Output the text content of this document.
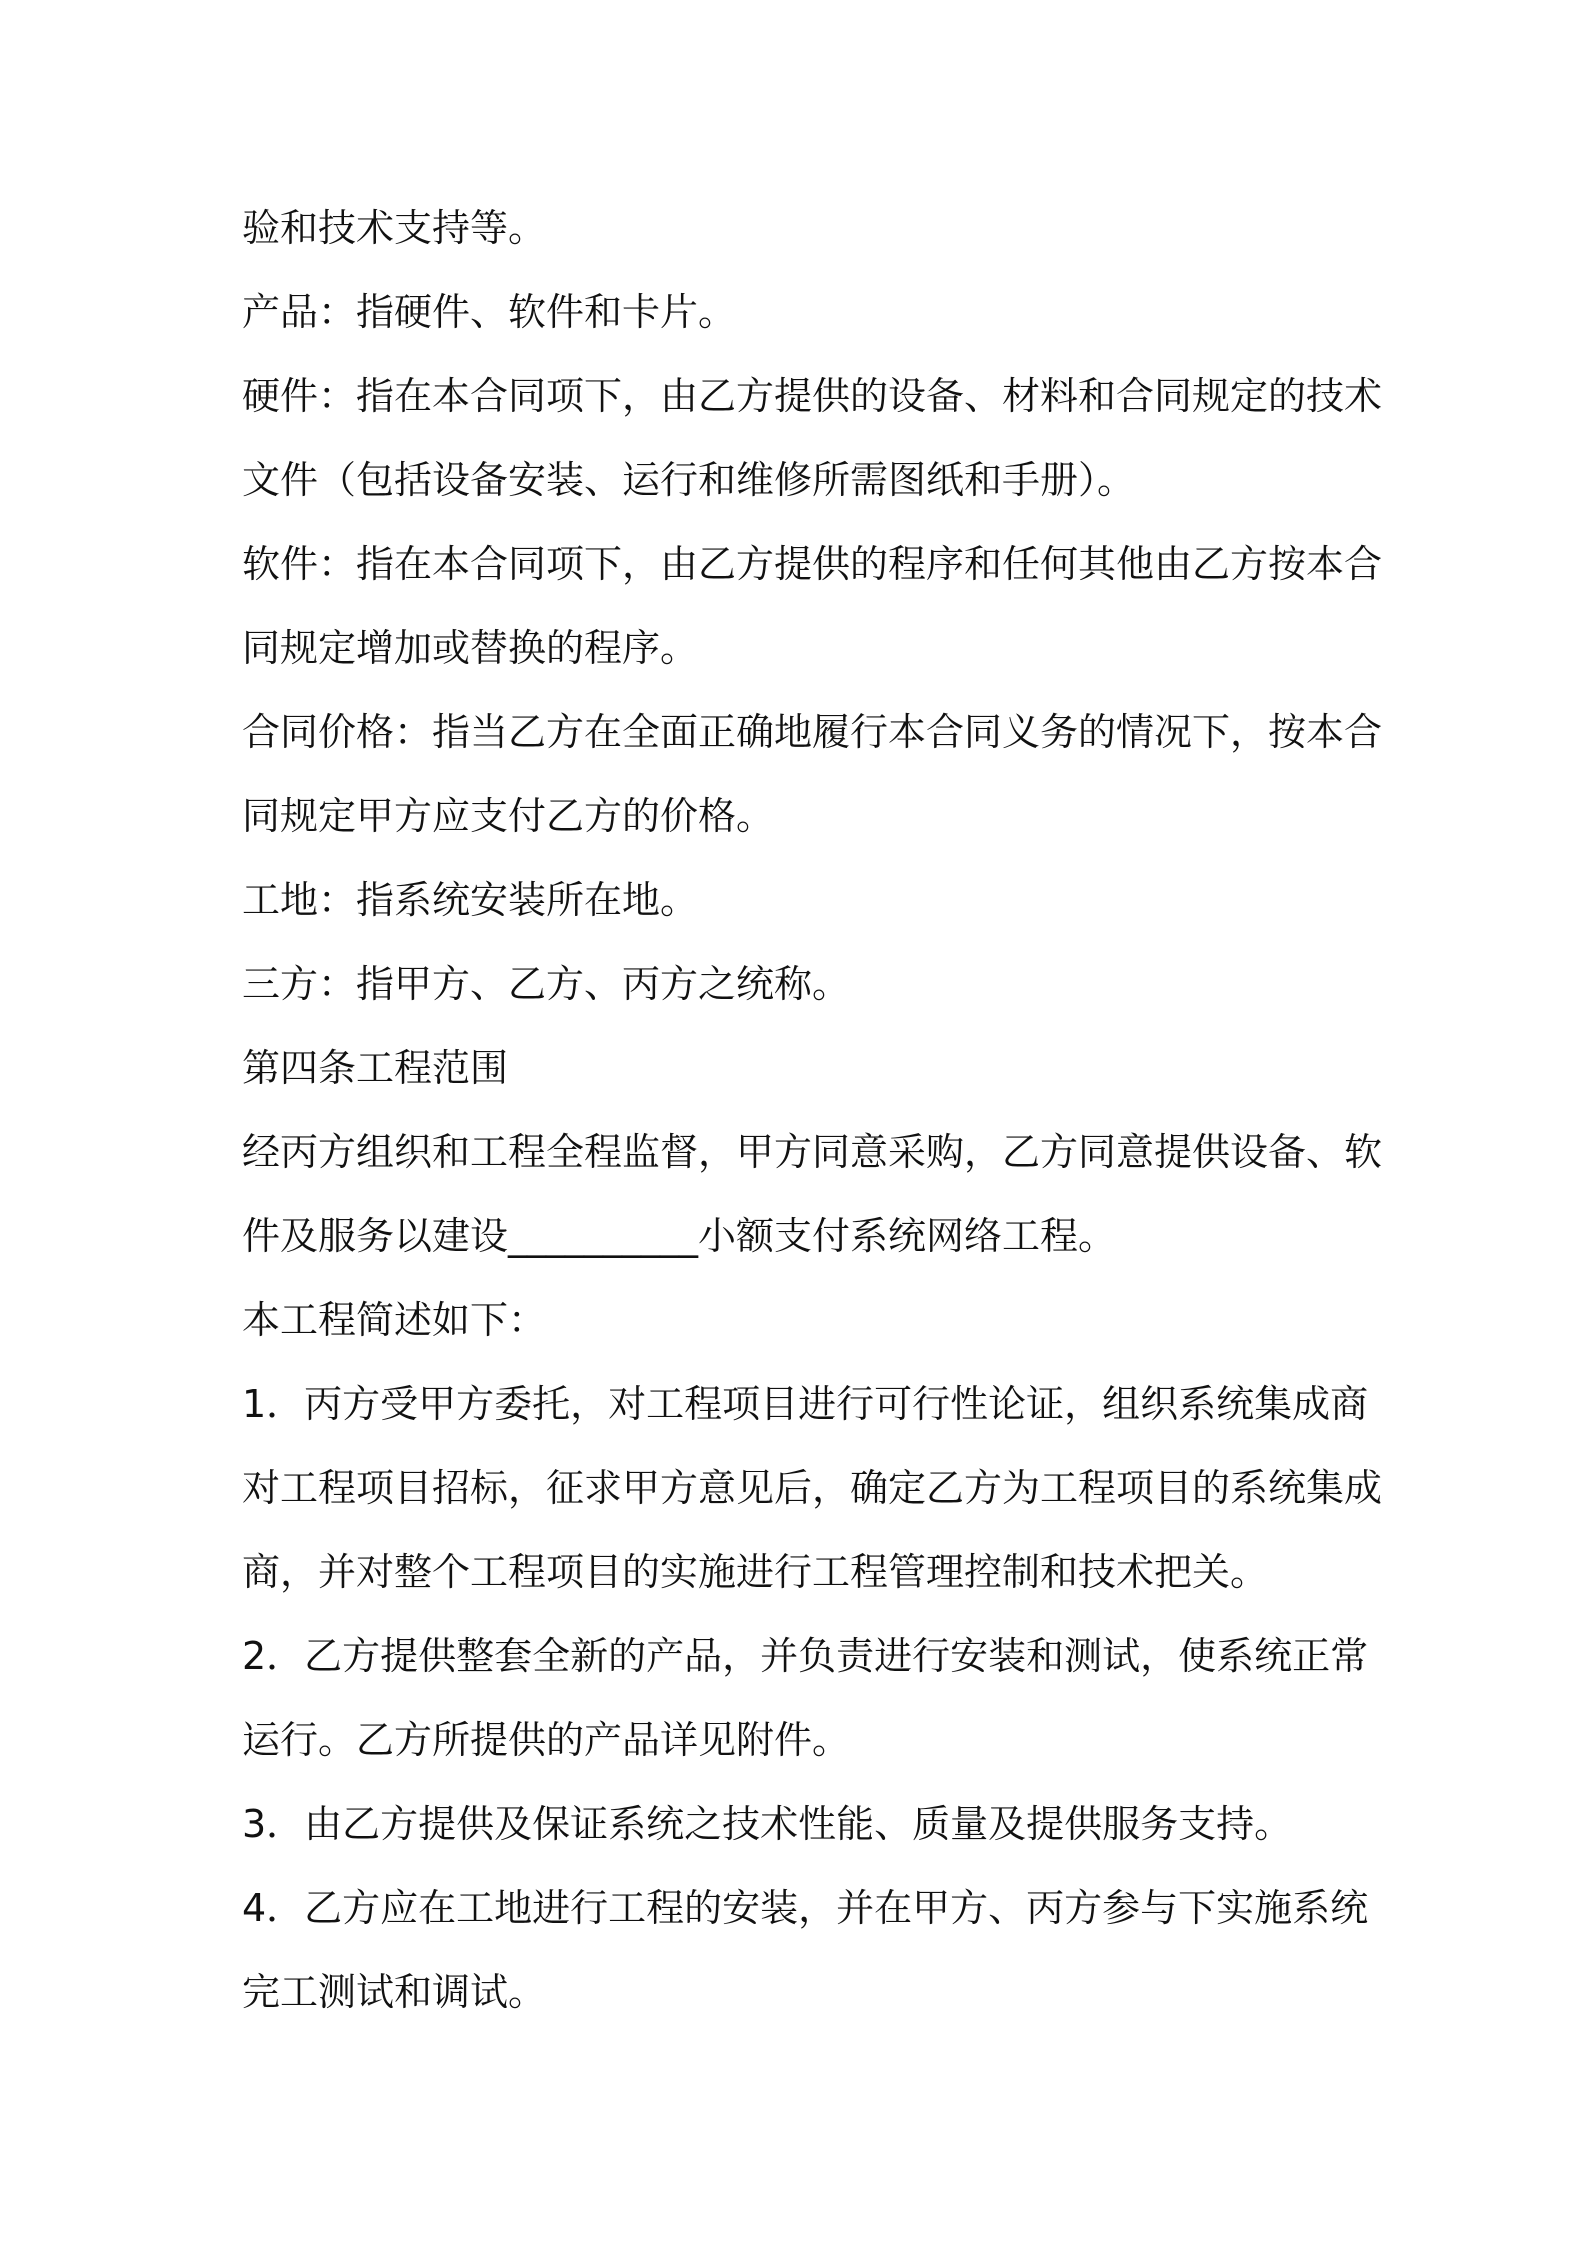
验和技术支持等。
产品：指硬件、软件和卡片。
硬件：指在本合同项下，由乙方提供的设备、材料和合同规定的技术
文件（包括设备安装、运行和维修所需图纸和手册）。
软件：指在本合同项下，由乙方提供的程序和任何其他由乙方按本合
同规定增加或替换的程序。
合同价格：指当乙方在全面正确地履行本合同义务的情况下，按本合
同规定甲方应支付乙方的价格。
工地：指系统安装所在地。
三方：指甲方、乙方、丙方之统称。
第四条工程范围
经丙方组织和工程全程监督，甲方同意采购，乙方同意提供设备、软
件及服务以建设__________小额支付系统网络工程。
本工程简述如下：
1．丙方受甲方委托，对工程项目进行可行性论证，组织系统集成商
对工程项目招标，征求甲方意见后，确定乙方为工程项目的系统集成
商，并对整个工程项目的实施进行工程管理控制和技术把关。
2．乙方提供整套全新的产品，并负责进行安装和测试，使系统正常
运行。乙方所提供的产品详见附件。
3．由乙方提供及保证系统之技术性能、质量及提供服务支持。
4．乙方应在工地进行工程的安装，并在甲方、丙方参与下实施系统
完工测试和调试。
